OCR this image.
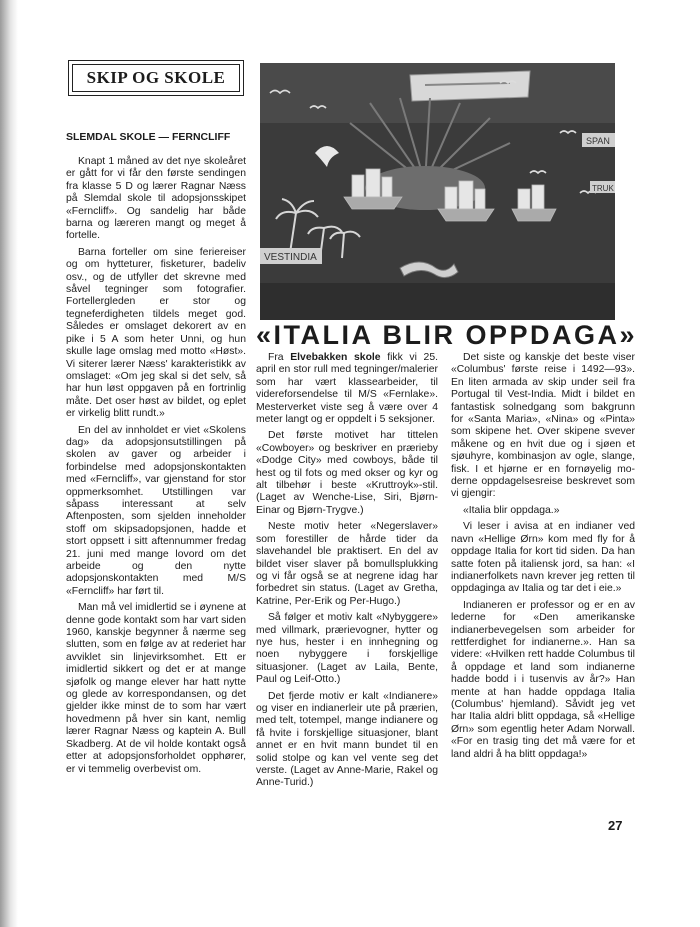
SKIP OG SKOLE
SLEMDAL SKOLE — FERNCLIFF

Knapt 1 måned av det nye skoleåret er gått for vi får den første sendingen fra klasse 5 D og lærer Ragnar Næss på Slemdal skole til adopsjonsskipet «Ferncliff». Og sandelig har både barna og læreren mangt og meget å fortelle.

Barna forteller om sine feriereiser og om hytteturer, fisketurer, badeliv osv., og de utfyller det skrevne med såvel tegninger som fotografier. Fortellergleden er stor og tegneferdigheten tildels meget god. Således er omslaget dekorert av en pike i 5 A som heter Unni, og hun skulle lage omslag med motto «Høst». Vi siterer lærer Næss' karakteristikk av omslaget: «Om jeg skal si det selv, så har hun løst oppgaven på en fortrinlig måte. Det oser høst av bildet, og eplet er virkelig blitt rundt.»

En del av innholdet er viet «Skolens dag» da adopsjonsutstillingen på skolen av gaver og arbeider i forbindelse med adopsjonskontakten med «Ferncliff», var gjenstand for stor oppmerksomhet. Utstillingen var såpass interessant at selv Aftenposten, som sjelden inneholder stoff om skipsadopsjonen, hadde et stort oppsett i sitt aftennummer fredag 21. juni med mange lovord om det arbeide og den nytte adopsjonskontakten med M/S «Ferncliff» har ført til.

Man må vel imidlertid se i øynene at denne gode kontakt som har vart siden 1960, kanskje begynner å nærme seg slutten, som en følge av at rederiet har avviklet sin linjevirksomhet. Ett er imidlertid sikkert og det er at mange sjøfolk og mange elever har hatt nytte og glede av korrespondansen, og det gjelder ikke minst de to som har vært hovedmenn på hver sin kant, nemlig lærer Ragnar Næss og kaptein A. Bull Skadberg. At de vil holde kontakt også etter at adopsjonsforholdet opphører, er vi temmelig overbevist om.

VESTINDIA
SPAN
TRUK
«ITALIA BLIR OPPDAGA»

Fra Elvebakken skole fikk vi 25. april en stor rull med tegninger/malerier som har vært klassearbeider, til videreforsendelse til M/S «Fernlake». Mesterverket viste seg å være over 4 meter langt og er oppdelt i 5 seksjoner.

Det første motivet har tittelen «Cowboyer» og beskriver en prærieby «Dodge City» med cowboys, både til hest og til fots og med okser og kyr og alt tilbehør i beste «Kruttroyk»-stil. (Laget av Wenche-Lise, Siri, Bjørn-Einar og Bjørn-Trygve.)

Neste motiv heter «Negerslaver» som forestiller de hårde tider da slavehandel ble praktisert. En del av bildet viser slaver på bomullsplukking og vi får også se at negrene idag har forbedret sin status. (Laget av Gretha, Katrine, Per-Erik og Per-Hugo.)

Så følger et motiv kalt «Nybyggere» med villmark, prærievogner, hytter og nye hus, hester i en innhegning og noen nybyggere i forskjellige situasjoner. (Laget av Laila, Bente, Paul og Leif-Otto.)

Det fjerde motiv er kalt «Indianere» og viser en indianerleir ute på prærien, med telt, totempel, mange indianere og få hvite i forskjellige situasjoner, blant annet er en hvit mann bundet til en solid stolpe og kan vel vente seg det verste. (Laget av Anne-Marie, Rakel og Anne-Turid.)

Det siste og kanskje det beste viser «Columbus' første reise i 1492—93». En liten armada av skip under seil fra Portugal til Vest-India. Midt i bildet en fantastisk solnedgang som bakgrunn for «Santa Maria», «Nina» og «Pinta» som skipene het. Over skipene svever måkene og en hvit due og i sjøen et sjøuhyre, kombinasjon av ogle, slange, fisk. I et hjørne er en fornøyelig moderne oppdagelsesreise beskrevet som vi gjengir:

«Italia blir oppdaga.»

Vi leser i avisa at en indianer ved navn «Hellige Ørn» kom med fly for å oppdage Italia for kort tid siden. Da han satte foten på italiensk jord, sa han: «I indianerfolkets navn krever jeg retten til oppdagingа av Italia og tar det i eie.»

Indianeren er professor og er en av lederne for «Den amerikanske indianerbevegelsen som arbeider for rettferdighet for indianerne.». Han sa videre: «Hvilken rett hadde Columbus til å oppdage et land som indianerne hadde bodd i i tusenvis av år?» Han mente at han hadde oppdaga Italia (Columbus' hjemland). Såvidt jeg vet har Italia aldri blitt oppdaga, så «Hellige Ørn» som egentlig heter Adam Norwall. «For en trasig ting det må være for et land aldri å ha blitt oppdaga!»

27
